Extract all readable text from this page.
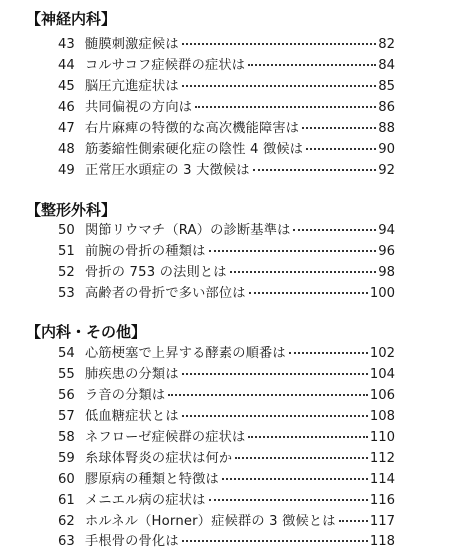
【神経内科】
43 髄膜刺激症候は	82
44 コルサコフ症候群の症状は	84
45 脳圧亢進症状は	85
46 共同偏視の方向は	86
47 右片麻痺の特徴的な高次機能障害は	88
48 筋萎縮性側索硬化症の陰性 4 徴候は	90
49 正常圧水頭症の 3 大徴候は	92
【整形外科】
50 関節リウマチ（RA）の診断基準は	94
51 前腕の骨折の種類は	96
52 骨折の 753 の法則とは	98
53 高齢者の骨折で多い部位は	100
【内科・その他】
54 心筋梗塞で上昇する酵素の順番は	102
55 肺疾患の分類は	104
56 ラ音の分類は	106
57 低血糖症状とは	108
58 ネフローゼ症候群の症状は	110
59 糸球体腎炎の症状は何か	112
60 膠原病の種類と特徴は	114
61 メニエル病の症状は	116
62 ホルネル（Horner）症候群の 3 徴候とは	117
63 手根骨の骨化は	118
